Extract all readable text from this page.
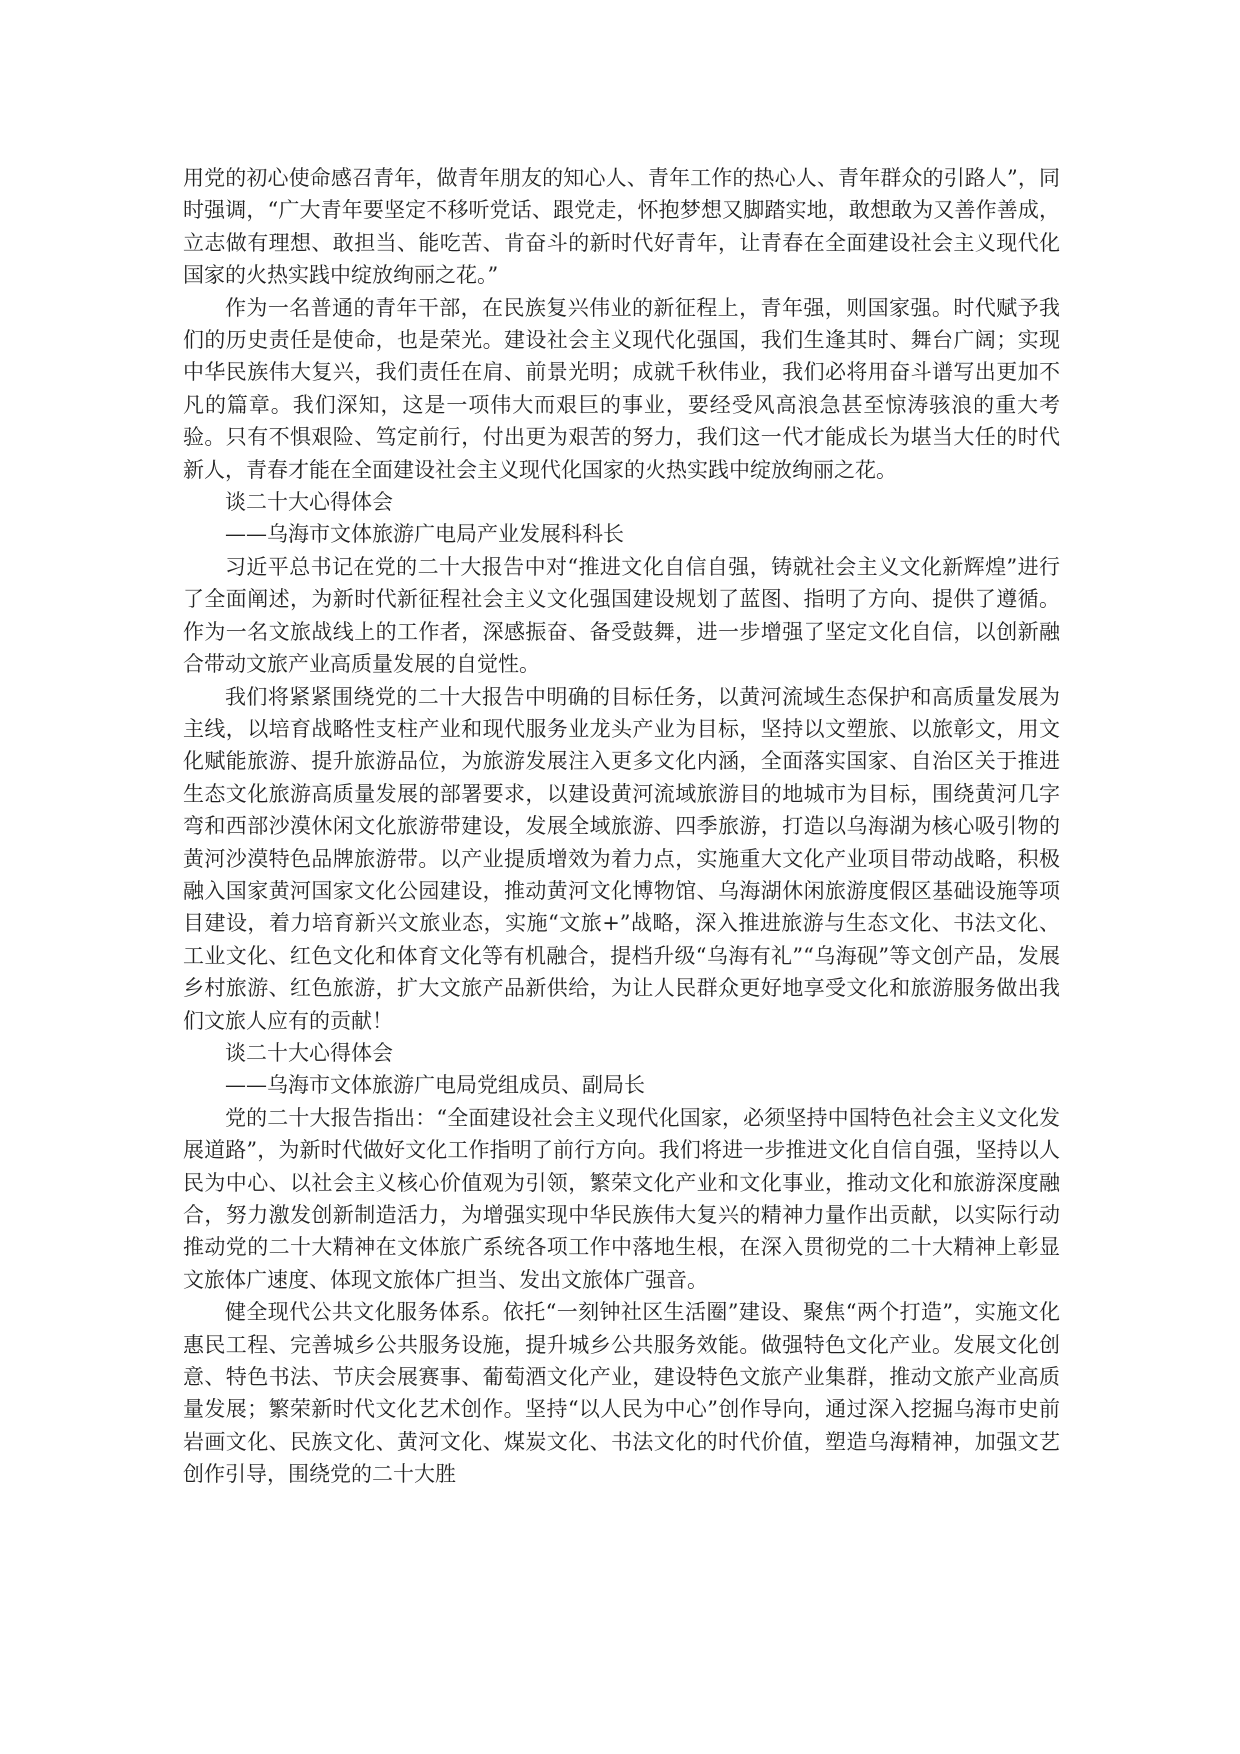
用党的初心使命感召青年，做青年朋友的知心人、青年工作的热心人、青年群众的引路人”，同时强调，“广大青年要坚定不移听党话、跟党走，怀抱梦想又脚踏实地，敢想敢为又善作善成，立志做有理想、敢担当、能吃苦、肯奋斗的新时代好青年，让青春在全面建设社会主义现代化国家的火热实践中绽放绚丽之花。”

作为一名普通的青年干部，在民族复兴伟业的新征程上，青年强，则国家强。时代赋予我们的历史责任是使命，也是荣光。建设社会主义现代化强国，我们生逢其时、舞台广阔；实现中华民族伟大复兴，我们责任在肩、前景光明；成就千秋伟业，我们必将用奋斗谱写出更加不凡的篇章。我们深知，这是一项伟大而艰巨的事业，要经受风高浪急甚至惊涛骇浪的重大考验。只有不惧艰险、笃定前行，付出更为艰苦的努力，我们这一代才能成长为堪当大任的时代新人，青春才能在全面建设社会主义现代化国家的火热实践中绽放绚丽之花。

谈二十大心得体会

——乌海市文体旅游广电局产业发展科科长

习近平总书记在党的二十大报告中对“推进文化自信自强，铸就社会主义文化新辉煌”进行了全面阐述，为新时代新征程社会主义文化强国建设规划了蓝图、指明了方向、提供了遵循。作为一名文旅战线上的工作者，深感振奋、备受鼓舞，进一步增强了坚定文化自信，以创新融合带动文旅产业高质量发展的自觉性。

我们将紧紧围绕党的二十大报告中明确的目标任务，以黄河流域生态保护和高质量发展为主线，以培育战略性支柱产业和现代服务业龙头产业为目标，坚持以文塑旅、以旅彰文，用文化赋能旅游、提升旅游品位，为旅游发展注入更多文化内涵，全面落实国家、自治区关于推进生态文化旅游高质量发展的部署要求，以建设黄河流域旅游目的地城市为目标，围绕黄河几字弯和西部沙漠休闲文化旅游带建设，发展全域旅游、四季旅游，打造以乌海湖为核心吸引物的黄河沙漠特色品牌旅游带。以产业提质增效为着力点，实施重大文化产业项目带动战略，积极融入国家黄河国家文化公园建设，推动黄河文化博物馆、乌海湖休闲旅游度假区基础设施等项目建设，着力培育新兴文旅业态，实施“文旅+”战略，深入推进旅游与生态文化、书法文化、工业文化、红色文化和体育文化等有机融合，提档升级“乌海有礼”“乌海砚”等文创产品，发展乡村旅游、红色旅游，扩大文旅产品新供给，为让人民群众更好地享受文化和旅游服务做出我们文旅人应有的贡献！

谈二十大心得体会

——乌海市文体旅游广电局党组成员、副局长

党的二十大报告指出：“全面建设社会主义现代化国家，必须坚持中国特色社会主义文化发展道路”，为新时代做好文化工作指明了前行方向。我们将进一步推进文化自信自强，坚持以人民为中心、以社会主义核心价值观为引领，繁荣文化产业和文化事业，推动文化和旅游深度融合，努力激发创新制造活力，为增强实现中华民族伟大复兴的精神力量作出贡献，以实际行动推动党的二十大精神在文体旅广系统各项工作中落地生根，在深入贯彻党的二十大精神上彰显文旅体广速度、体现文旅体广担当、发出文旅体广强音。

健全现代公共文化服务体系。依托“一刻钟社区生活圈”建设、聚焦“两个打造”，实施文化惠民工程、完善城乡公共服务设施，提升城乡公共服务效能。做强特色文化产业。发展文化创意、特色书法、节庆会展赛事、葡萄酒文化产业，建设特色文旅产业集群，推动文旅产业高质量发展；繁荣新时代文化艺术创作。坚持“以人民为中心”创作导向，通过深入挖掘乌海市史前岩画文化、民族文化、黄河文化、煤炭文化、书法文化的时代价值，塑造乌海精神，加强文艺创作引导，围绕党的二十大胜
